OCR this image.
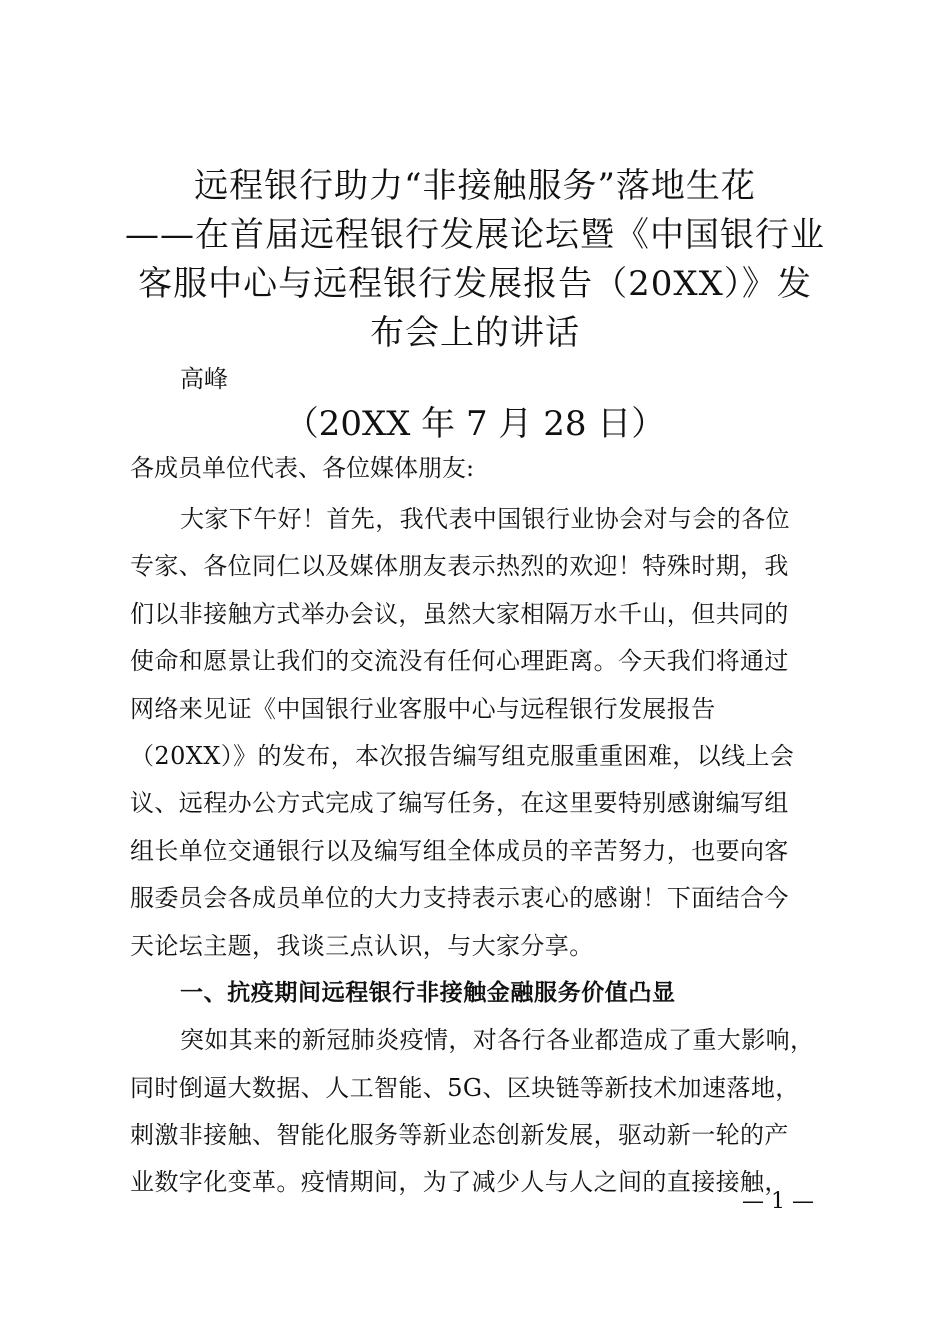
远程银行助力“非接触服务”落地生花
——在首届远程银行发展论坛暨《中国银行业
客服中心与远程银行发展报告（20XX）》发
布会上的讲话
高峰
（20XX 年 7 月 28 日）
各成员单位代表、各位媒体朋友:
大家下午好！首先，我代表中国银行业协会对与会的各位
专家、各位同仁以及媒体朋友表示热烈的欢迎！特殊时期，我
们以非接触方式举办会议，虽然大家相隔万水千山，但共同的
使命和愿景让我们的交流没有任何心理距离。今天我们将通过
网络来见证《中国银行业客服中心与远程银行发展报告
（20XX）》的发布，本次报告编写组克服重重困难，以线上会
议、远程办公方式完成了编写任务，在这里要特别感谢编写组
组长单位交通银行以及编写组全体成员的辛苦努力，也要向客
服委员会各成员单位的大力支持表示衷心的感谢！下面结合今
天论坛主题，我谈三点认识，与大家分享。
一、抗疫期间远程银行非接触金融服务价值凸显
突如其来的新冠肺炎疫情，对各行各业都造成了重大影响，
同时倒逼大数据、人工智能、5G、区块链等新技术加速落地，
刺激非接触、智能化服务等新业态创新发展，驱动新一轮的产
业数字化变革。疫情期间，为了减少人与人之间的直接接触，
— 1 —
